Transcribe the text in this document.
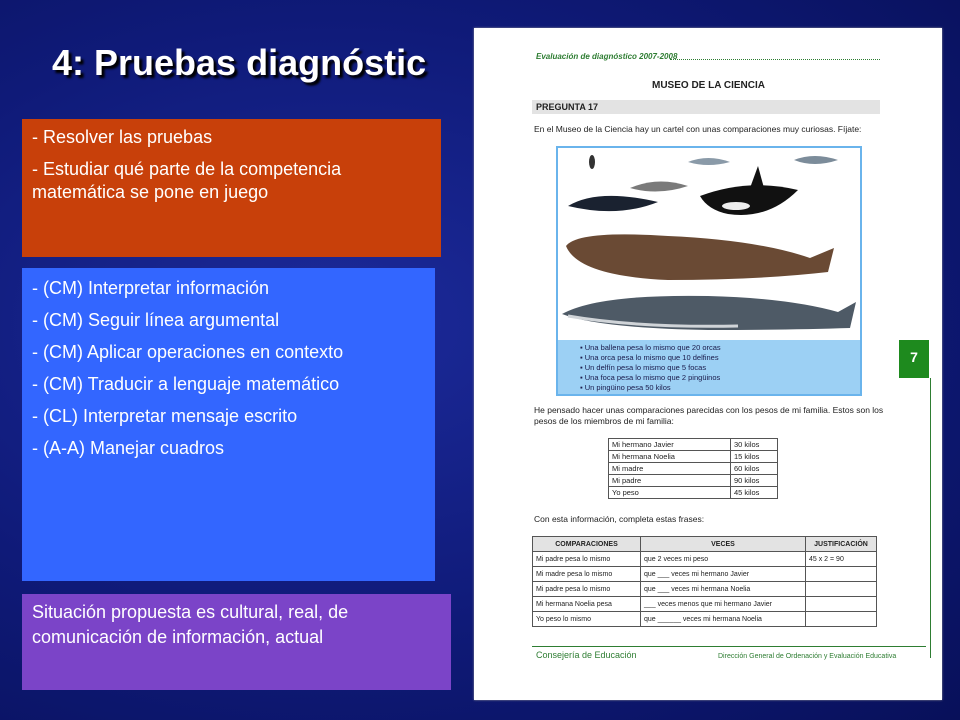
4: Pruebas diagnóstic

- Resolver las pruebas

- Estudiar qué parte de la competencia matemática se pone en juego

- (CM) Interpretar información

- (CM) Seguir línea argumental

- (CM) Aplicar operaciones en contexto

- (CM) Traducir a lenguaje matemático

- (CL) Interpretar mensaje escrito

- (A-A) Manejar cuadros

Situación propuesta es cultural, real, de comunicación de información, actual
Evaluación de diagnóstico 2007-2008
MUSEO DE LA CIENCIA
PREGUNTA 17
En el Museo de la Ciencia hay un cartel con unas comparaciones muy curiosas. Fíjate:
▪ Una ballena pesa lo mismo que 20 orcas
▪ Una orca pesa lo mismo que 10 delfines
▪ Un delfín pesa lo mismo que 5 focas
▪ Una foca pesa lo mismo que 2 pingüinos
▪ Un pingüino pesa 50 kilos
He pensado hacer unas comparaciones parecidas con los pesos de mi familia. Estos son los pesos de los miembros de mi familia:
Mi hermano Javier	30 kilos
Mi hermana Noelia	15 kilos
Mi madre	60 kilos
Mi padre	90 kilos
Yo peso	45 kilos
Con esta información, completa estas frases:
COMPARACIONES	VECES	JUSTIFICACIÓN
Mi padre pesa lo mismo	que 2 veces mi peso	45 x 2 = 90
Mi madre pesa lo mismo	que ___ veces mi hermano Javier	
Mi padre pesa lo mismo	que ___ veces mi hermana Noelia	
Mi hermana Noelia pesa	___ veces menos que mi hermano Javier	
Yo peso lo mismo	que ______ veces mi hermana Noelia	
Consejería de Educación	Dirección General de Ordenación y Evaluación Educativa
7
